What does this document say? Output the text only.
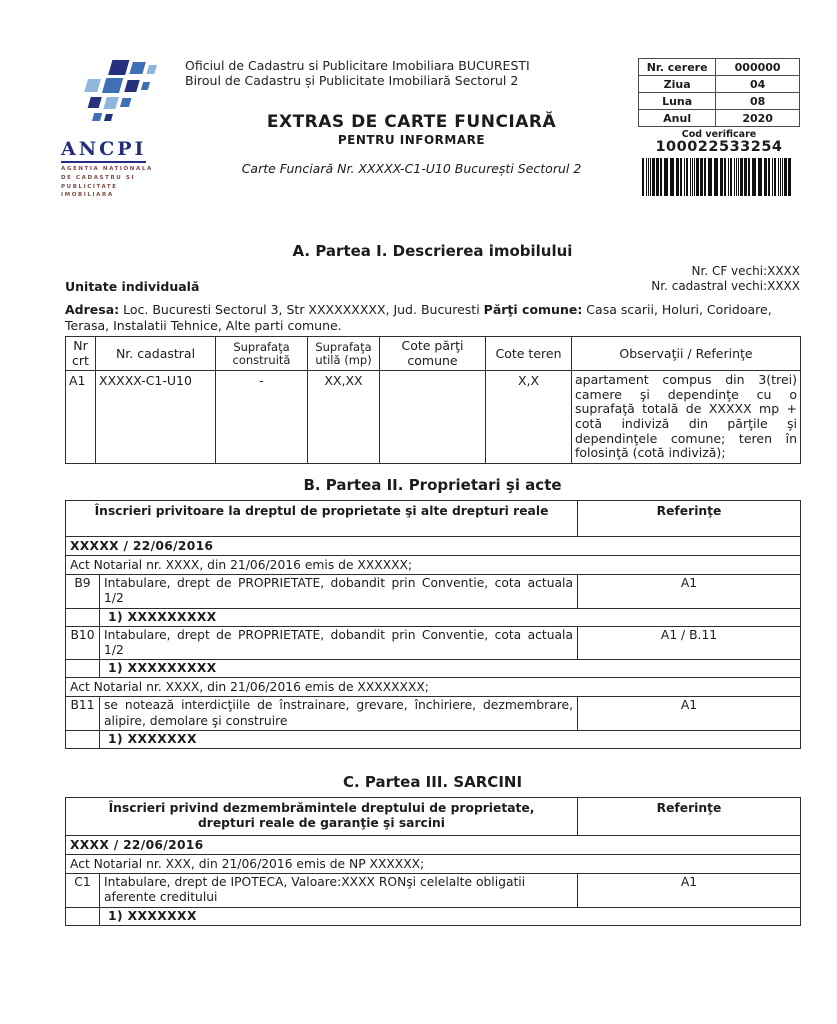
ANCPI
AGENTIA NATIONALA
DE CADASTRU SI
PUBLICITATE IMOBILIARA
Oficiul de Cadastru si Publicitare Imobiliara BUCURESTI
Biroul de Cadastru și Publicitate Imobiliară Sectorul 2
EXTRAS DE CARTE FUNCIARĂ
PENTRU INFORMARE
Carte Funciară Nr. XXXXX-C1-U10 București Sectorul 2
Nr. cerere	000000
Ziua	04
Luna	08
Anul	2020
Cod verificare
100022533254
A. Partea I. Descrierea imobilului
Nr. CF vechi:XXXX
Unitate individuală	Nr. cadastral vechi:XXXX
Adresa: Loc. Bucuresti Sectorul 3, Str XXXXXXXXX, Jud. Bucuresti Părţi comune: Casa scarii, Holuri, Coridoare, Terasa, Instalatii Tehnice, Alte parti comune.
Nr crt	Nr. cadastral	Suprafaţa construită	Suprafaţa utilă (mp)	Cote părţi comune	Cote teren	Observaţii / Referinţe
A1	XXXXX-C1-U10	-	XX,XX		X,X	apartament compus din 3(trei) camere şi dependinţe cu o suprafaţă totală de XXXXX mp + cotă indiviză din părţile şi dependinţele comune; teren în folosinţă (cotă indiviză);
B. Partea II. Proprietari şi acte
Înscrieri privitoare la dreptul de proprietate şi alte drepturi reale		Referinţe
XXXXX / 22/06/2016		
Act Notarial nr. XXXX, din 21/06/2016 emis de XXXXXX;		
B9	Intabulare, drept de PROPRIETATE, dobandit prin Conventie, cota actuala 1/2	A1
	1) XXXXXXXXX	
B10	Intabulare, drept de PROPRIETATE, dobandit prin Conventie, cota actuala 1/2	A1 / B.11
	1) XXXXXXXXX	
Act Notarial nr. XXXX, din 21/06/2016 emis de XXXXXXXX;		
B11	se notează interdicţiile de înstrainare, grevare, închiriere, dezmembrare, alipire, demolare şi construire	A1
	1) XXXXXXX	
C. Partea III. SARCINI
Înscrieri privind dezmembrămintele dreptului de proprietate,
drepturi reale de garanţie şi sarcini		Referinţe
XXXX / 22/06/2016		
Act Notarial nr. XXX, din 21/06/2016 emis de NP XXXXXX;		
C1	Intabulare, drept de IPOTECA, Valoare:XXXX RONşi celelalte obligatii aferente creditului	A1
	1) XXXXXXX	
